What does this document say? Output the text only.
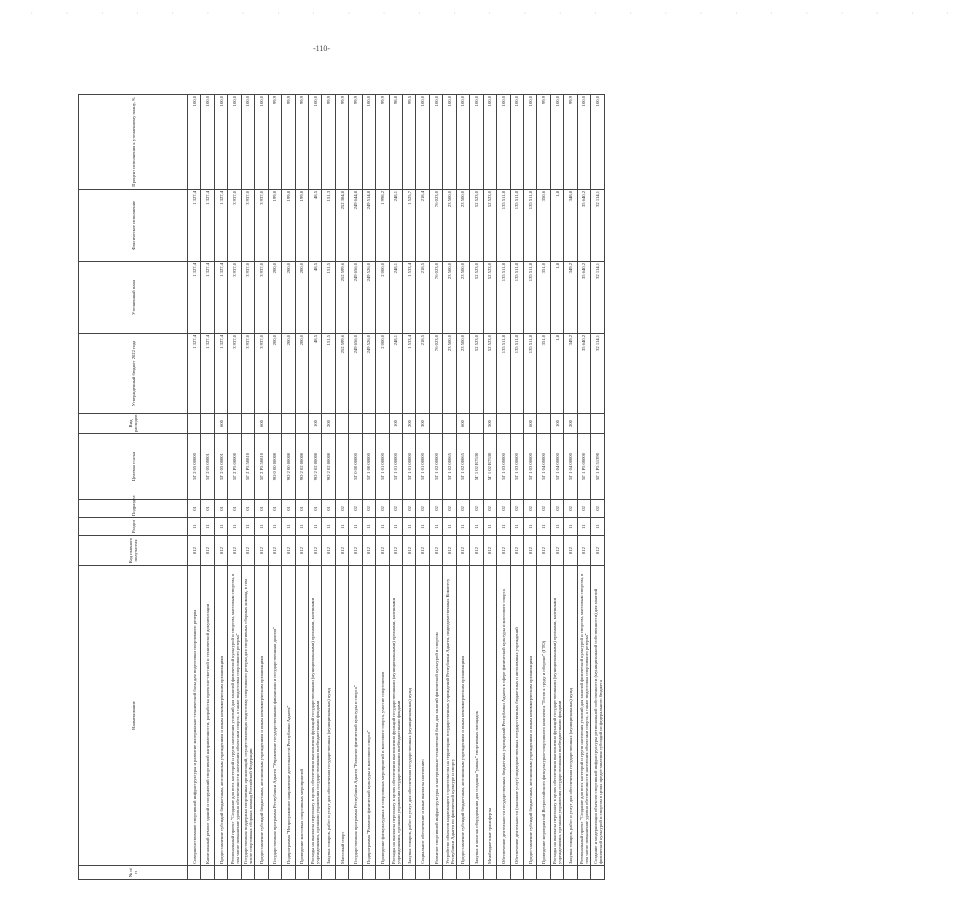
· · · · · · · · · · · · · · · · · · · · · · · · · · ·
-110-
№ п/п	Наименование	Код главного получателя	Раздел	Подраздел	Целевая статья	Вид расходов	Утвержденный бюджет 2022 года	Уточненный план	Фактическое исполнение	Процент исполнения к уточненному плану, %
	Совершенствование спортивной инфраструктуры и развитие материально-технической базы для подготовки спортивного резерва	812	11	01	5Г 2 05 00000		1 327,4	1 327,4	1 327,4	100,0
	Капитальный ремонт зданий и сооружений спортивной направленности, разработка проектно-сметной и технической документации	812	11	01	5Г 2 05 00001		1 327,4	1 327,4	1 327,4	100,0
	Предоставление субсидий бюджетным, автономным учреждениям и иным некоммерческим организациям	812	11	01	5Г 2 05 00001	600	1 327,4	1 327,4	1 327,4	100,0
	Региональный проект "Создание для всех категорий и групп населения условий для занятий физической культурой и спортом, массовым спортом, в том числе повышение уровня обеспеченности населения объектами спорта, а также подготовка спортивного резерва"	812	11	01	5Г 2 P5 00000		3 937,0	3 937,0	3 937,0	100,0
	Государственная поддержка спортивных организаций, осуществляющих подготовку спортивного резерва для спортивных сборных команд, в том числе спортивных сборных команд Российской Федерации	812	11	01	5Г 2 P5 50810		3 937,0	3 937,0	3 937,0	100,0
	Предоставление субсидий бюджетным, автономным учреждениям и иным некоммерческим организациям	812	11	01	5Г 2 P5 50810	600	3 937,0	3 937,0	3 937,0	100,0
	Государственная программа Республики Адыгея "Управление государственными финансами и государственным долгом"	812	11	01	9О 0 00 00000		200,0	200,0	199,8	99,9
	Подпрограмма "Непрограммное направление деятельности Республики Адыгея"	812	11	01	9О 2 00 00000		200,0	200,0	199,8	99,9
	Проведение массовых спортивных мероприятий	812	11	01	9О 2 02 00000		200,0	200,0	199,8	99,9
	Расходы на выплаты персоналу в целях обеспечения выполнения функций государственными (муниципальными) органами, казенными учреждениями, органами управления государственными внебюджетными фондами	812	11	01	9О 2 02 00000	100	48,5	48,5	48,5	100,0
	Закупка товаров, работ и услуг для обеспечения государственных (муниципальных) нужд	812	11	01	9О 2 02 00000	200	151,5	151,5	151,3	99,9
	Массовый спорт	812	11	02			252 599,6	252 599,6	252 384,8	99,9
	Государственная программа Республики Адыгея "Развитие физической культуры и спорта"	812	11	02	5Г 0 00 00000		249 656,0	249 656,0	249 644,8	99,9
	Подпрограмма "Развитие физической культуры и массового спорта"	812	11	02	5Г 1 00 00000		249 526,0	249 526,0	249 514,8	100,0
	Проведение физкультурных и спортивных мероприятий и массового спорта, участие спортсменов	812	11	02	5Г 1 01 00000		2 000,0	2 000,0	1 998,2	99,9
	Расходы на выплаты персоналу в целях обеспечения выполнения функций государственными (муниципальными) органами, казенными учреждениями, органами управления государственными внебюджетными фондами	812	11	02	5Г 1 01 00000	100	248,1	248,1	248,1	98,8
	Закупка товаров, работ и услуг для обеспечения государственных (муниципальных) нужд	812	11	02	5Г 1 01 00000	200	1 533,4	1 533,4	1 525,7	99,5
	Социальное обеспечение и иные выплаты населению	812	11	02	5Г 1 01 00000	300	218,5	218,5	218,4	100,0
	Развитие спортивной инфраструктуры и материально-технической базы для занятий физической культурой и спортом	812	11	02	5Г 1 02 00000		76 023,0	76 023,0	76 023,0	100,0
	Устройство объектов надлежащего строительства на территории государственных учреждений Республики Адыгея, подведомственных Комитету Республики Адыгея по физической культуре и спорту	812	11	02	5Г 1 02 00065		23 500,0	23 500,0	23 500,0	100,0
	Предоставление субсидий бюджетным, автономным учреждениям и иным некоммерческим организациям	812	11	02	5Г 1 02 00065	600	23 500,0	23 500,0	23 500,0	100,0
	Закупка и монтаж оборудования для создания "умных" спортивных площадок	812	11	02	5Г 1 02 R7530		52 523,0	52 523,0	52 523,0	100,0
	Межбюджетные трансферты	812	11	02	5Г 1 02 R7530	500	52 523,0	52 523,0	52 523,0	100,0
	Обеспечение деятельности государственных бюджетных учреждений Республики Адыгея в сфере физической культуры и массового спорта	812	11	02	5Г 1 03 00000		135 511,8	135 511,8	135 511,8	100,0
	Обеспечение деятельности (оказание услуг) подведомственных государственных бюджетных и автономных учреждений	812	11	02	5Г 1 03 00600		135 511,8	135 511,8	135 511,8	100,0
	Предоставление субсидий бюджетным, автономным учреждениям и иным некоммерческим организациям	812	11	02	5Г 1 03 00600	600	135 511,8	135 511,8	135 511,8	100,0
	Проведение мероприятий Всероссийского физкультурно-спортивного комплекса "Готов к труду и обороне" (ГТО)	812	11	02	5Г 1 04 00000		351,0	351,0	350,6	99,9
	Расходы на выплаты персоналу в целях обеспечения выполнения функций государственными (муниципальными) органами, казенными учреждениями, органами управления государственными внебюджетными фондами	812	11	02	5Г 1 04 00000	100	1,8	1,8	1,8	100,0
	Закупка товаров, работ и услуг для обеспечения государственных (муниципальных) нужд	812	11	02	5Г 1 04 00000	200	349,2	349,2	348,8	99,9
	Региональный проект "Создание для всех категорий и групп населения условий для занятий физической культурой и спортом, массовым спортом, в том числе повышение уровня обеспеченности населения объектами спорта, а также подготовка спортивного резерва"	812	11	02	5Г 1 P5 00000		35 640,2	35 640,2	35 640,2	100,0
	Создание и модернизация объектов спортивной инфраструктуры региональной собственности (муниципальной собственности) для занятий физической культурой и спортом в целях предоставления субсидий из федерального бюджета	812	11	02	5Г 1 P5 51390		32 114,1	32 114,1	32 114,1	100,0
